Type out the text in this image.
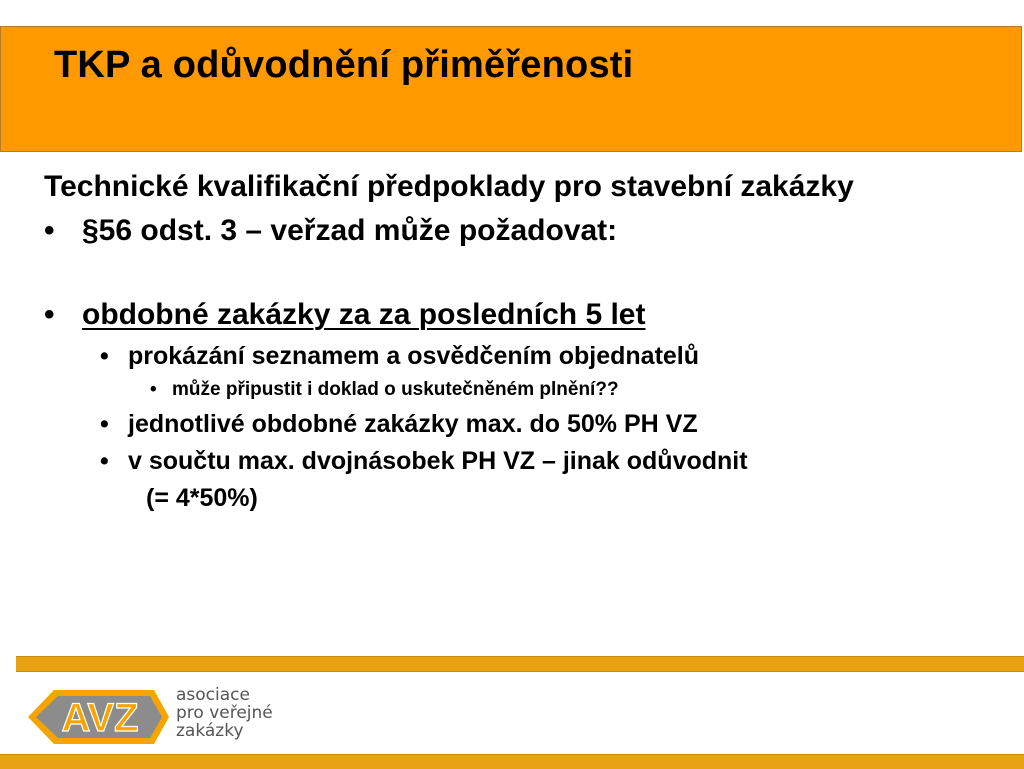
TKP a odůvodnění přiměřenosti
Technické kvalifikační předpoklady pro stavební zakázky
• §56 odst. 3 – veřzad může požadovat:
• obdobné zakázky za za posledních 5 let
• prokázání seznamem a osvědčením objednatelů
• může připustit i doklad o uskutečněném plnění??
• jednotlivé obdobné zakázky max. do 50% PH VZ
• v součtu max. dvojnásobek PH VZ – jinak odůvodnit
(= 4*50%)
AVZ
asociace
pro veřejné
zakázky
